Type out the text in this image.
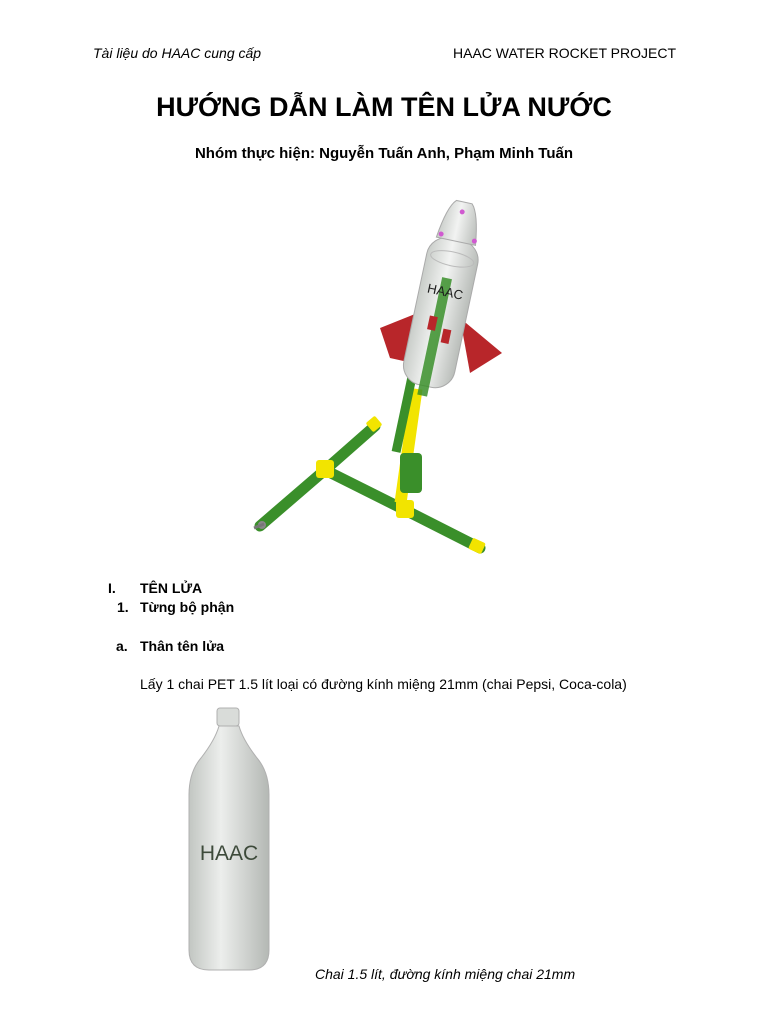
Tài liệu do HAAC cung cấp	HAAC WATER ROCKET PROJECT
HƯỚNG DẪN LÀM TÊN LỬA NƯỚC
Nhóm thực hiện: Nguyễn Tuấn Anh, Phạm Minh Tuấn
HAAC
I. TÊN LỬA
1. Từng bộ phận
a. Thân tên lửa
Lấy 1 chai PET 1.5 lít loại có đường kính miệng 21mm (chai Pepsi, Coca-cola)
HAAC
Chai 1.5 lít, đường kính miệng chai 21mm
